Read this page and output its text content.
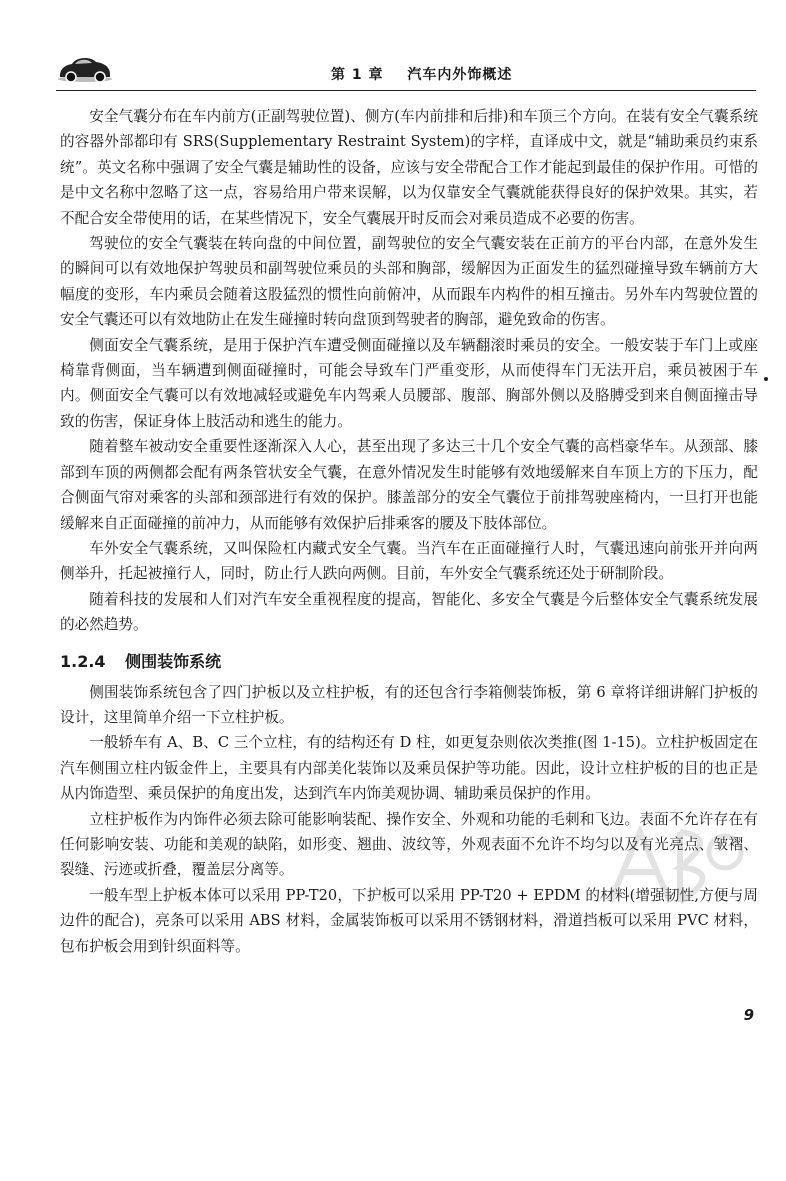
第 1 章 汽车内外饰概述

安全气囊分布在车内前方(正副驾驶位置)、侧方(车内前排和后排)和车顶三个方向。在装有安全气囊系统的容器外部都印有 SRS(Supplementary Restraint System)的字样，直译成中文，就是“辅助乘员约束系统”。英文名称中强调了安全气囊是辅助性的设备，应该与安全带配合工作才能起到最佳的保护作用。可惜的是中文名称中忽略了这一点，容易给用户带来误解，以为仅靠安全气囊就能获得良好的保护效果。其实，若不配合安全带使用的话，在某些情况下，安全气囊展开时反而会对乘员造成不必要的伤害。

驾驶位的安全气囊装在转向盘的中间位置，副驾驶位的安全气囊安装在正前方的平台内部，在意外发生的瞬间可以有效地保护驾驶员和副驾驶位乘员的头部和胸部，缓解因为正面发生的猛烈碰撞导致车辆前方大幅度的变形，车内乘员会随着这股猛烈的惯性向前俯冲，从而跟车内构件的相互撞击。另外车内驾驶位置的安全气囊还可以有效地防止在发生碰撞时转向盘顶到驾驶者的胸部，避免致命的伤害。

侧面安全气囊系统，是用于保护汽车遭受侧面碰撞以及车辆翻滚时乘员的安全。一般安装于车门上或座椅靠背侧面，当车辆遭到侧面碰撞时，可能会导致车门严重变形，从而使得车门无法开启，乘员被困于车内。侧面安全气囊可以有效地减轻或避免车内驾乘人员腰部、腹部、胸部外侧以及胳膊受到来自侧面撞击导致的伤害，保证身体上肢活动和逃生的能力。

随着整车被动安全重要性逐渐深入人心，甚至出现了多达三十几个安全气囊的高档豪华车。从颈部、膝部到车顶的两侧都会配有两条管状安全气囊，在意外情况发生时能够有效地缓解来自车顶上方的下压力，配合侧面气帘对乘客的头部和颈部进行有效的保护。膝盖部分的安全气囊位于前排驾驶座椅内，一旦打开也能缓解来自正面碰撞的前冲力，从而能够有效保护后排乘客的腰及下肢体部位。

车外安全气囊系统，又叫保险杠内藏式安全气囊。当汽车在正面碰撞行人时，气囊迅速向前张开并向两侧举升，托起被撞行人，同时，防止行人跌向两侧。目前，车外安全气囊系统还处于研制阶段。

随着科技的发展和人们对汽车安全重视程度的提高，智能化、多安全气囊是今后整体安全气囊系统发展的必然趋势。

1.2.4 侧围装饰系统

侧围装饰系统包含了四门护板以及立柱护板，有的还包含行李箱侧装饰板，第 6 章将详细讲解门护板的设计，这里简单介绍一下立柱护板。

一般轿车有 A、B、C 三个立柱，有的结构还有 D 柱，如更复杂则依次类推(图 1-15)。立柱护板固定在汽车侧围立柱内钣金件上，主要具有内部美化装饰以及乘员保护等功能。因此，设计立柱护板的目的也正是从内饰造型、乘员保护的角度出发，达到汽车内饰美观协调、辅助乘员保护的作用。

立柱护板作为内饰件必须去除可能影响装配、操作安全、外观和功能的毛刺和飞边。表面不允许存在有任何影响安装、功能和美观的缺陷，如形变、翘曲、波纹等，外观表面不允许不均匀以及有光亮点、皱褶、裂缝、污迹或折叠，覆盖层分离等。

一般车型上护板本体可以采用 PP-T20，下护板可以采用 PP-T20 + EPDM 的材料(增强韧性,方便与周边件的配合)，亮条可以采用 ABS 材料，金属装饰板可以采用不锈钢材料，滑道挡板可以采用 PVC 材料，包布护板会用到针织面料等。

9
